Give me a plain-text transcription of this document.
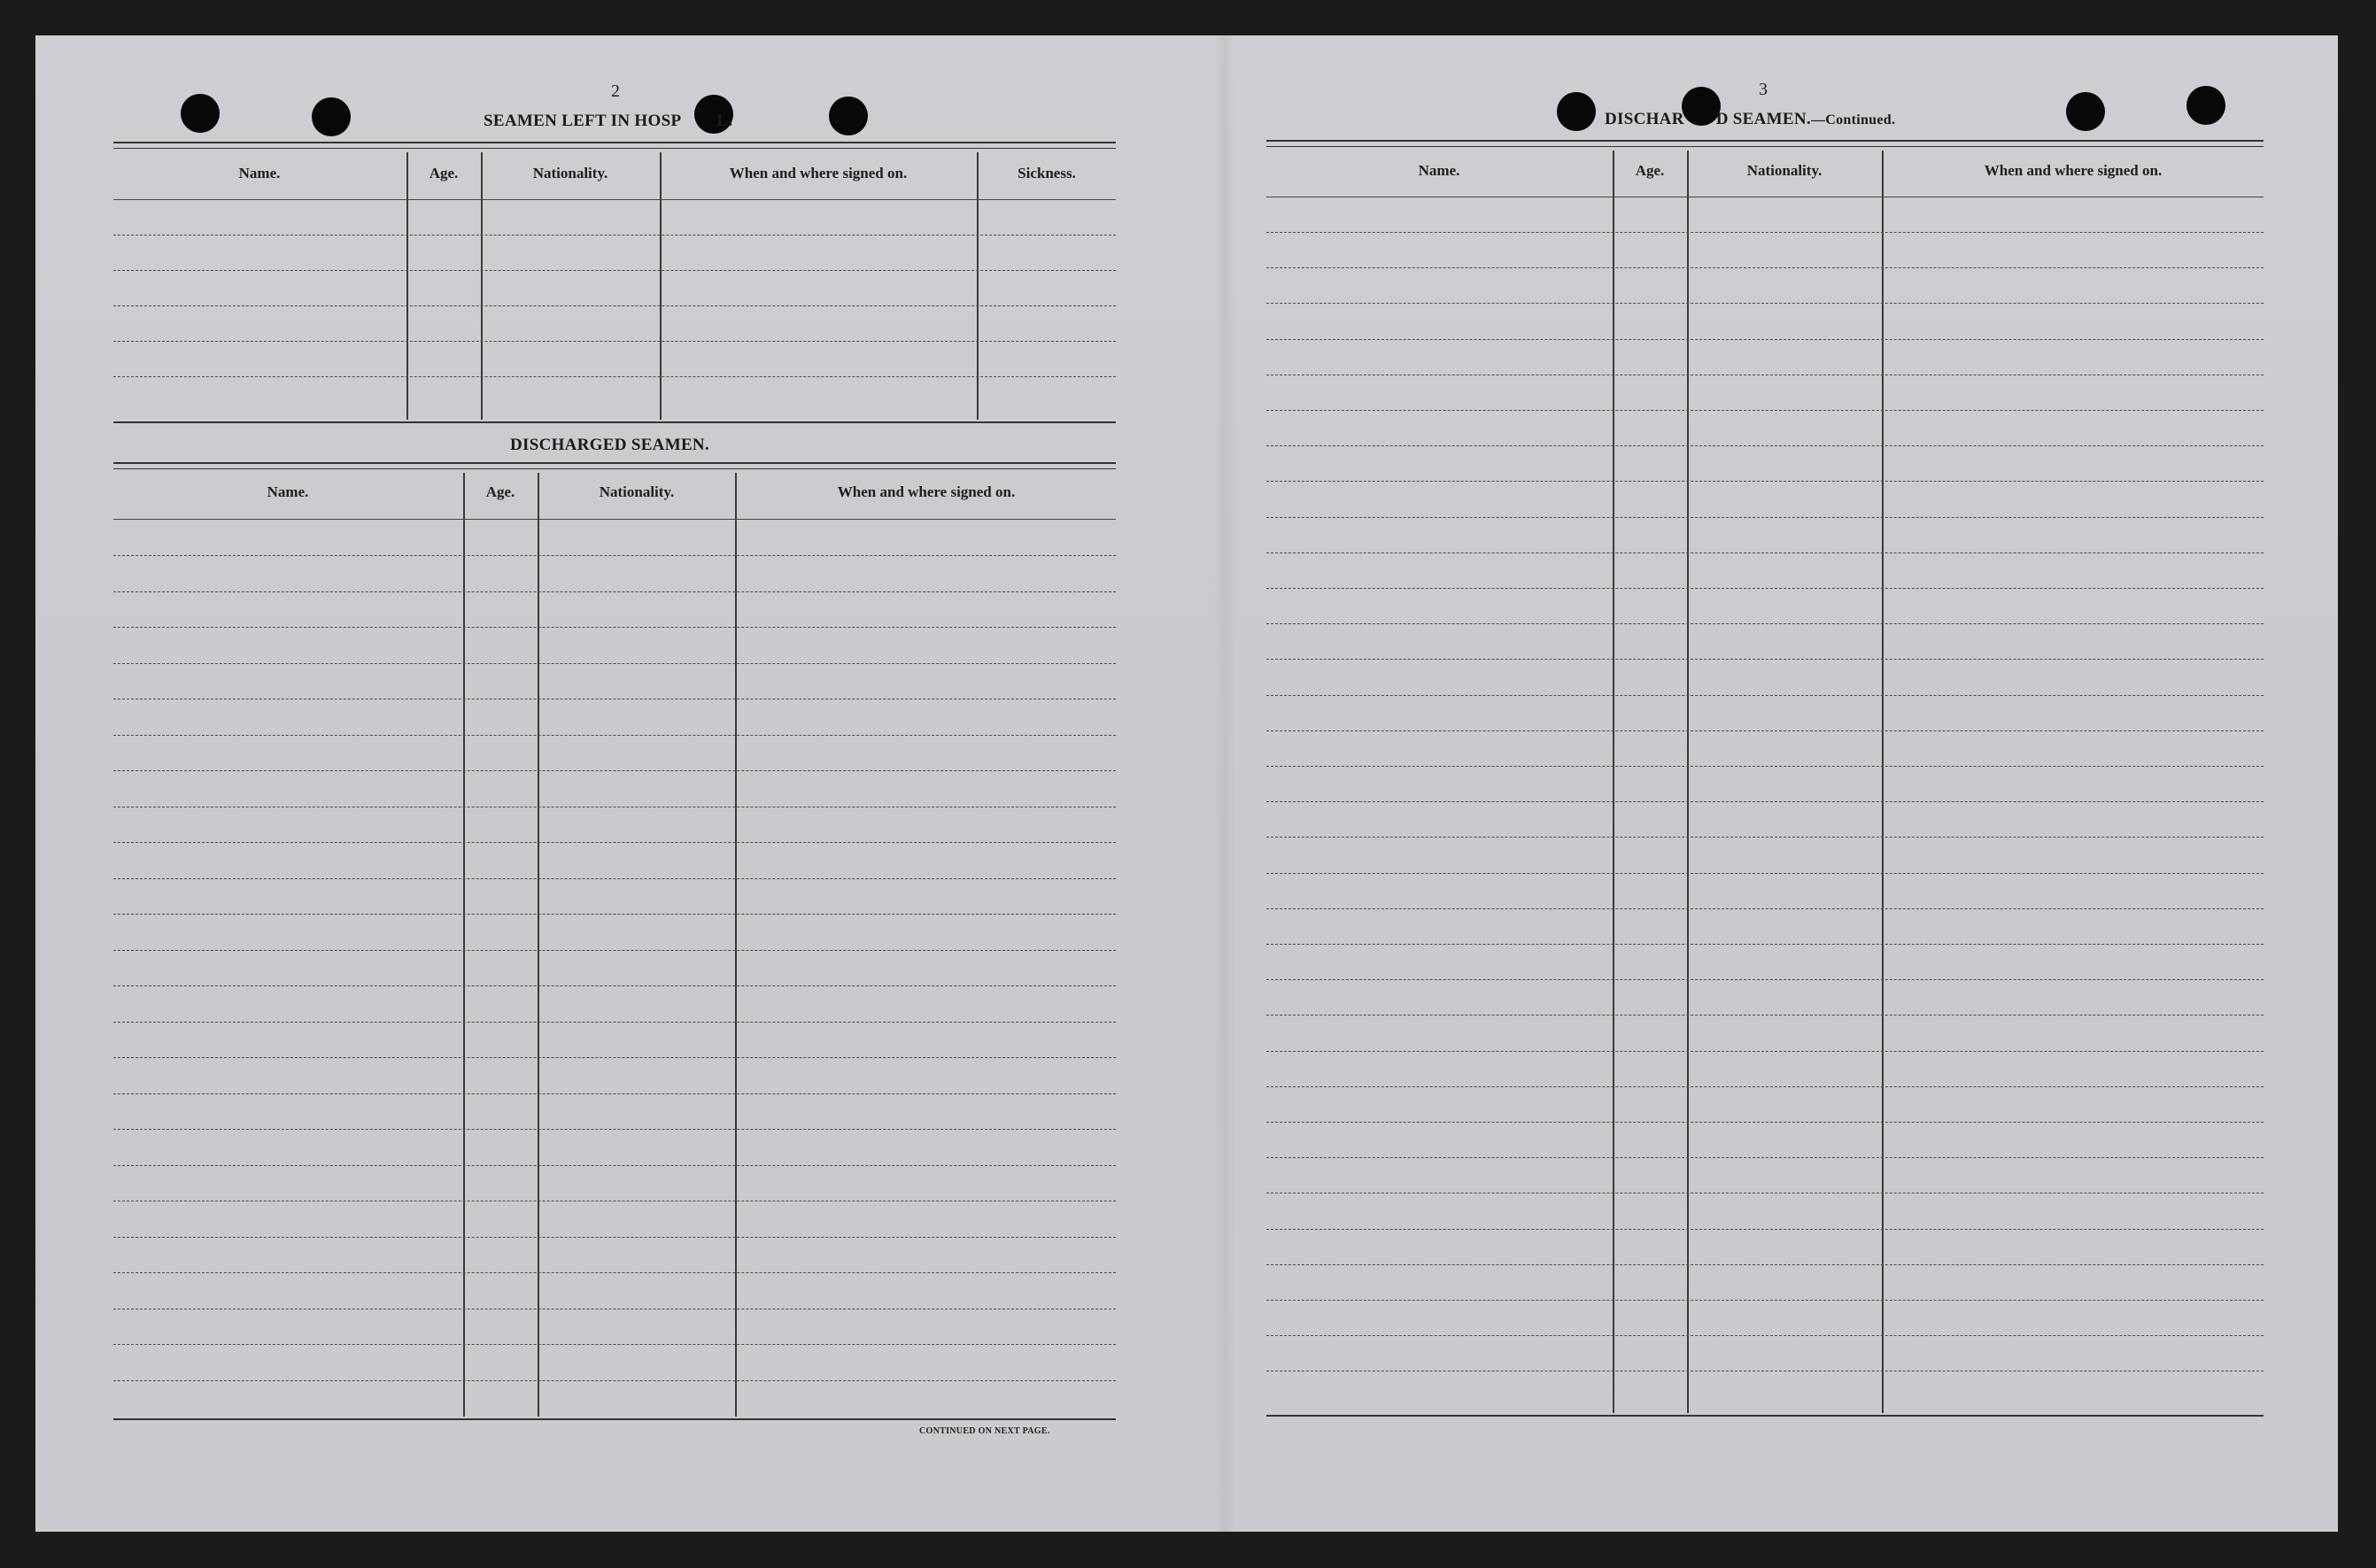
2
SEAMEN LEFT IN HOSP L.
Name.	Age.	Nationality.	When and where signed on.	Sickness.
DISCHARGED SEAMEN.
Name.	Age.	Nationality.	When and where signed on.
CONTINUED ON NEXT PAGE.
3
DISCHAR D SEAMEN.—Continued.
Name.	Age.	Nationality.	When and where signed on.
